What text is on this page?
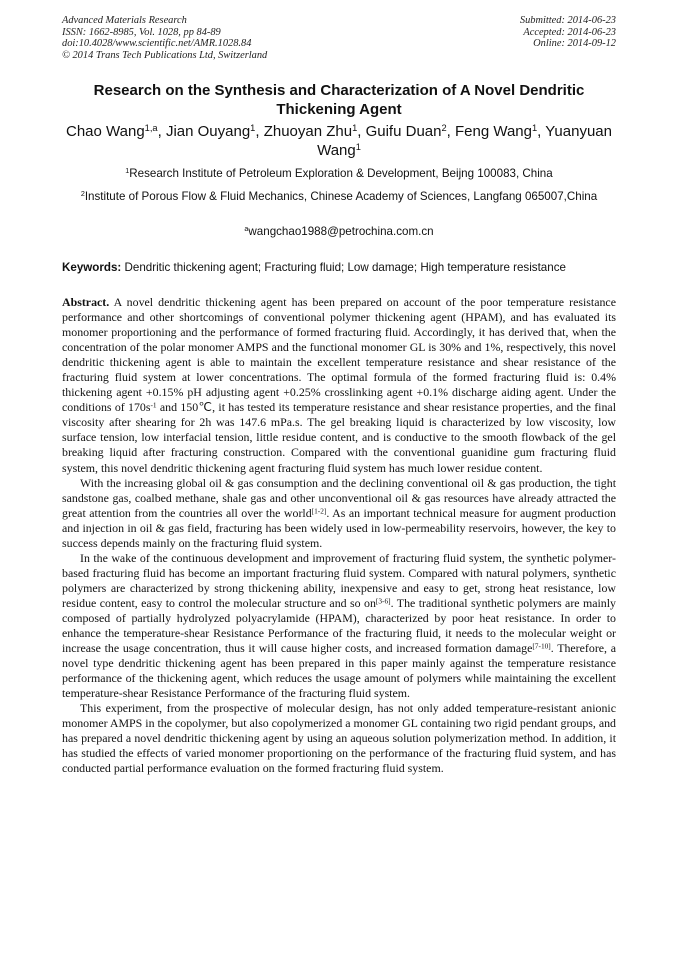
Advanced Materials Research
ISSN: 1662-8985, Vol. 1028, pp 84-89
doi:10.4028/www.scientific.net/AMR.1028.84
© 2014 Trans Tech Publications Ltd, Switzerland
Submitted: 2014-06-23
Accepted: 2014-06-23
Online: 2014-09-12
Research on the Synthesis and Characterization of A Novel Dendritic Thickening Agent
Chao Wang$^{1,a}$, Jian Ouyang$^1$, Zhuoyan Zhu$^1$, Guifu Duan$^2$, Feng Wang$^1$, Yuanyuan Wang$^1$
$^1$Research Institute of Petroleum Exploration & Development, Beijng 100083, China
$^2$Institute of Porous Flow & Fluid Mechanics, Chinese Academy of Sciences, Langfang 065007,China
$^a$wangchao1988@petrochina.com.cn
Keywords: Dendritic thickening agent; Fracturing fluid; Low damage; High temperature resistance

Abstract. A novel dendritic thickening agent has been prepared on account of the poor temperature resistance performance and other shortcomings of conventional polymer thickening agent (HPAM), and has evaluated its monomer proportioning and the performance of formed fracturing fluid. Accordingly, it has derived that, when the concentration of the polar monomer AMPS and the functional monomer GL is 30% and 1%, respectively, this novel dendritic thickening agent is able to maintain the excellent temperature resistance and shear resistance of the fracturing fluid system at lower concentrations. The optimal formula of the formed fracturing fluid is: 0.4% thickening agent +0.15% pH adjusting agent +0.25% crosslinking agent +0.1% discharge aiding agent. Under the conditions of $170s^{-1}$ and 150℃, it has tested its temperature resistance and shear resistance properties, and the final viscosity after shearing for 2h was 147.6 mPa.s. The gel breaking liquid is characterized by low viscosity, low surface tension, low interfacial tension, little residue content, and is conductive to the smooth flowback of the gel breaking liquid after fracturing construction. Compared with the conventional guanidine gum fracturing fluid system, this novel dendritic thickening agent fracturing fluid system has much lower residue content.

With the increasing global oil & gas consumption and the declining conventional oil & gas production, the tight sandstone gas, coalbed methane, shale gas and other unconventional oil & gas resources have already attracted the great attention from the countries all over the world[1-2]. As an important technical measure for augment production and injection in oil & gas field, fracturing has been widely used in low-permeability reservoirs, however, the key to success depends mainly on the fracturing fluid system.

In the wake of the continuous development and improvement of fracturing fluid system, the synthetic polymer-based fracturing fluid has become an important fracturing fluid system. Compared with natural polymers, synthetic polymers are characterized by strong thickening ability, inexpensive and easy to get, strong heat resistance, low residue content, easy to control the molecular structure and so on[3-6]. The traditional synthetic polymers are mainly composed of partially hydrolyzed polyacrylamide (HPAM), characterized by poor heat resistance. In order to enhance the temperature-shear Resistance Performance of the fracturing fluid, it needs to the molecular weight or increase the usage concentration, thus it will cause higher costs, and increased formation damage[7-10]. Therefore, a novel type dendritic thickening agent has been prepared in this paper mainly against the temperature resistance performance of the thickening agent, which reduces the usage amount of polymers while maintaining the excellent temperature-shear Resistance Performance of the fracturing fluid system.

This experiment, from the prospective of molecular design, has not only added temperature-resistant anionic monomer AMPS in the copolymer, but also copolymerized a monomer GL containing two rigid pendant groups, and has prepared a novel dendritic thickening agent by using an aqueous solution polymerization method. In addition, it has studied the effects of varied monomer proportioning on the performance of the fracturing fluid system, and has conducted partial performance evaluation on the formed fracturing fluid system.
